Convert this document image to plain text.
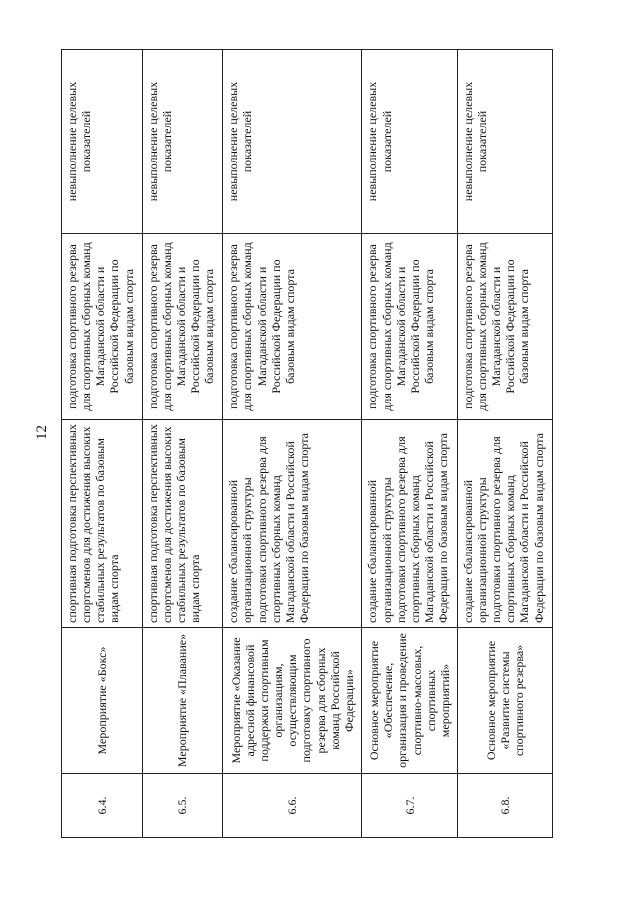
12
6.4.	Мероприятие «Бокс»	спортивная подготовка перспективных спортсменов для достижения высоких стабильных результатов по базовым видам спорта	подготовка спортивного резерва для спортивных сборных команд Магаданской области и Российской Федерации по базовым видам спорта	невыполнение целевых показателей
6.5.	Мероприятие «Плавание»	спортивная подготовка перспективных спортсменов для достижения высоких стабильных результатов по базовым видам спорта	подготовка спортивного резерва для спортивных сборных команд Магаданской области и Российской Федерации по базовым видам спорта	невыполнение целевых показателей
6.6.	Мероприятие «Оказание адресной финансовой поддержки спортивным организациям, осуществляющим подготовку спортивного резерва для сборных команд Российской Федерации»	создание сбалансированной организационной структуры подготовки спортивного резерва для спортивных сборных команд Магаданской области и Российской Федерации по базовым видам спорта	подготовка спортивного резерва для спортивных сборных команд Магаданской области и Российской Федерации по базовым видам спорта	невыполнение целевых показателей
6.7.	Основное мероприятие «Обеспечение, организация и проведение спортивно-массовых, спортивных мероприятий»	создание сбалансированной организационной структуры подготовки спортивного резерва для спортивных сборных команд Магаданской области и Российской Федерации по базовым видам спорта	подготовка спортивного резерва для спортивных сборных команд Магаданской области и Российской Федерации по базовым видам спорта	невыполнение целевых показателей
6.8.	Основное мероприятие «Развитие системы спортивного резерва»	создание сбалансированной организационной структуры подготовки спортивного резерва для спортивных сборных команд Магаданской области и Российской Федерации по базовым видам спорта	подготовка спортивного резерва для спортивных сборных команд Магаданской области и Российской Федерации по базовым видам спорта	невыполнение целевых показателей
